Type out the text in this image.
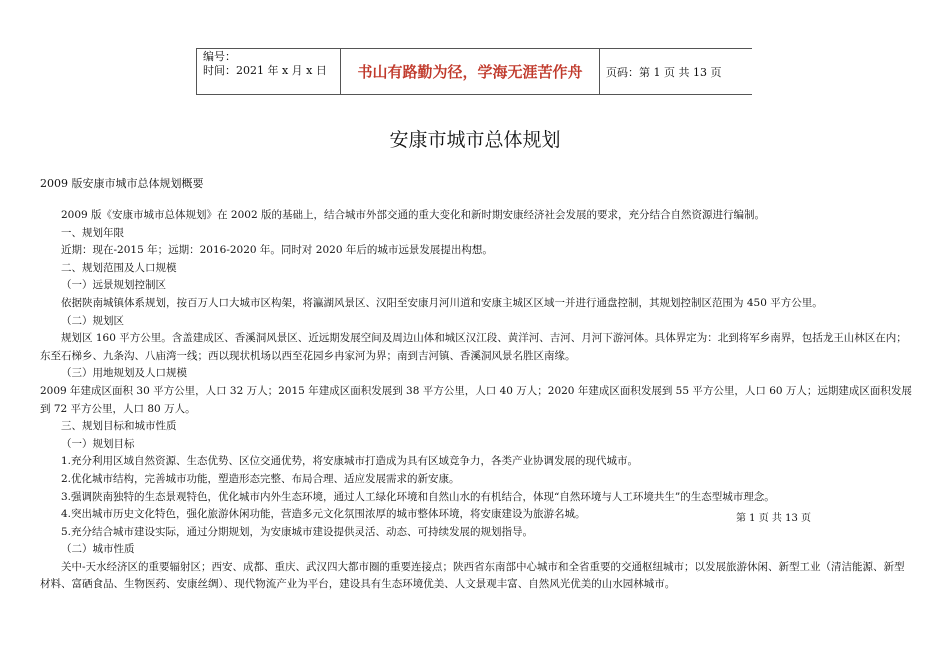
编号：
时间：2021 年 x 月 x 日	书山有路勤为径，学海无涯苦作舟	页码：第 1 页 共 13 页
安康市城市总体规划
2009 版安康市城市总体规划概要

2009 版《安康市城市总体规划》在 2002 版的基础上，结合城市外部交通的重大变化和新时期安康经济社会发展的要求，充分结合自然资源进行编制。

一、规划年限

近期：现在-2015 年；远期：2016-2020 年。同时对 2020 年后的城市远景发展提出构想。

二、规划范围及人口规模

（一）远景规划控制区

依据陕南城镇体系规划，按百万人口大城市区构架，将瀛湖风景区、汉阳至安康月河川道和安康主城区区域一并进行通盘控制，其规划控制区范围为 450 平方公里。

（二）规划区

规划区 160 平方公里。含盖建成区、香溪洞风景区、近远期发展空间及周边山体和城区汉江段、黄洋河、吉河、月河下游河体。具体界定为：北到将军乡南界，包括龙王山林区在内；东至石梯乡、九条沟、八庙湾一线；西以现状机场以西至花园乡冉家河为界；南到吉河镇、香溪洞风景名胜区南缘。

（三）用地规划及人口规模

2009 年建成区面积 30 平方公里，人口 32 万人；2015 年建成区面积发展到 38 平方公里，人口 40 万人；2020 年建成区面积发展到 55 平方公里，人口 60 万人；远期建成区面积发展到 72 平方公里，人口 80 万人。

三、规划目标和城市性质

（一）规划目标

1.充分利用区域自然资源、生态优势、区位交通优势，将安康城市打造成为具有区域竞争力，各类产业协调发展的现代城市。

2.优化城市结构，完善城市功能，塑造形态完整、布局合理、适应发展需求的新安康。

3.强调陕南独特的生态景观特色，优化城市内外生态环境，通过人工绿化环境和自然山水的有机结合，体现“自然环境与人工环境共生”的生态型城市理念。

4.突出城市历史文化特色，强化旅游休闲功能，营造多元文化氛围浓厚的城市整体环境，将安康建设为旅游名城。

5.充分结合城市建设实际，通过分期规划，为安康城市建设提供灵活、动态、可持续发展的规划指导。

（二）城市性质

关中-天水经济区的重要辐射区；西安、成都、重庆、武汉四大都市圈的重要连接点；陕西省东南部中心城市和全省重要的交通枢纽城市；以发展旅游休闲、新型工业（清洁能源、新型材料、富硒食品、生物医药、安康丝绸）、现代物流产业为平台，建设具有生态环境优美、人文景观丰富、自然风光优美的山水园林城市。

第 1 页 共 13 页
